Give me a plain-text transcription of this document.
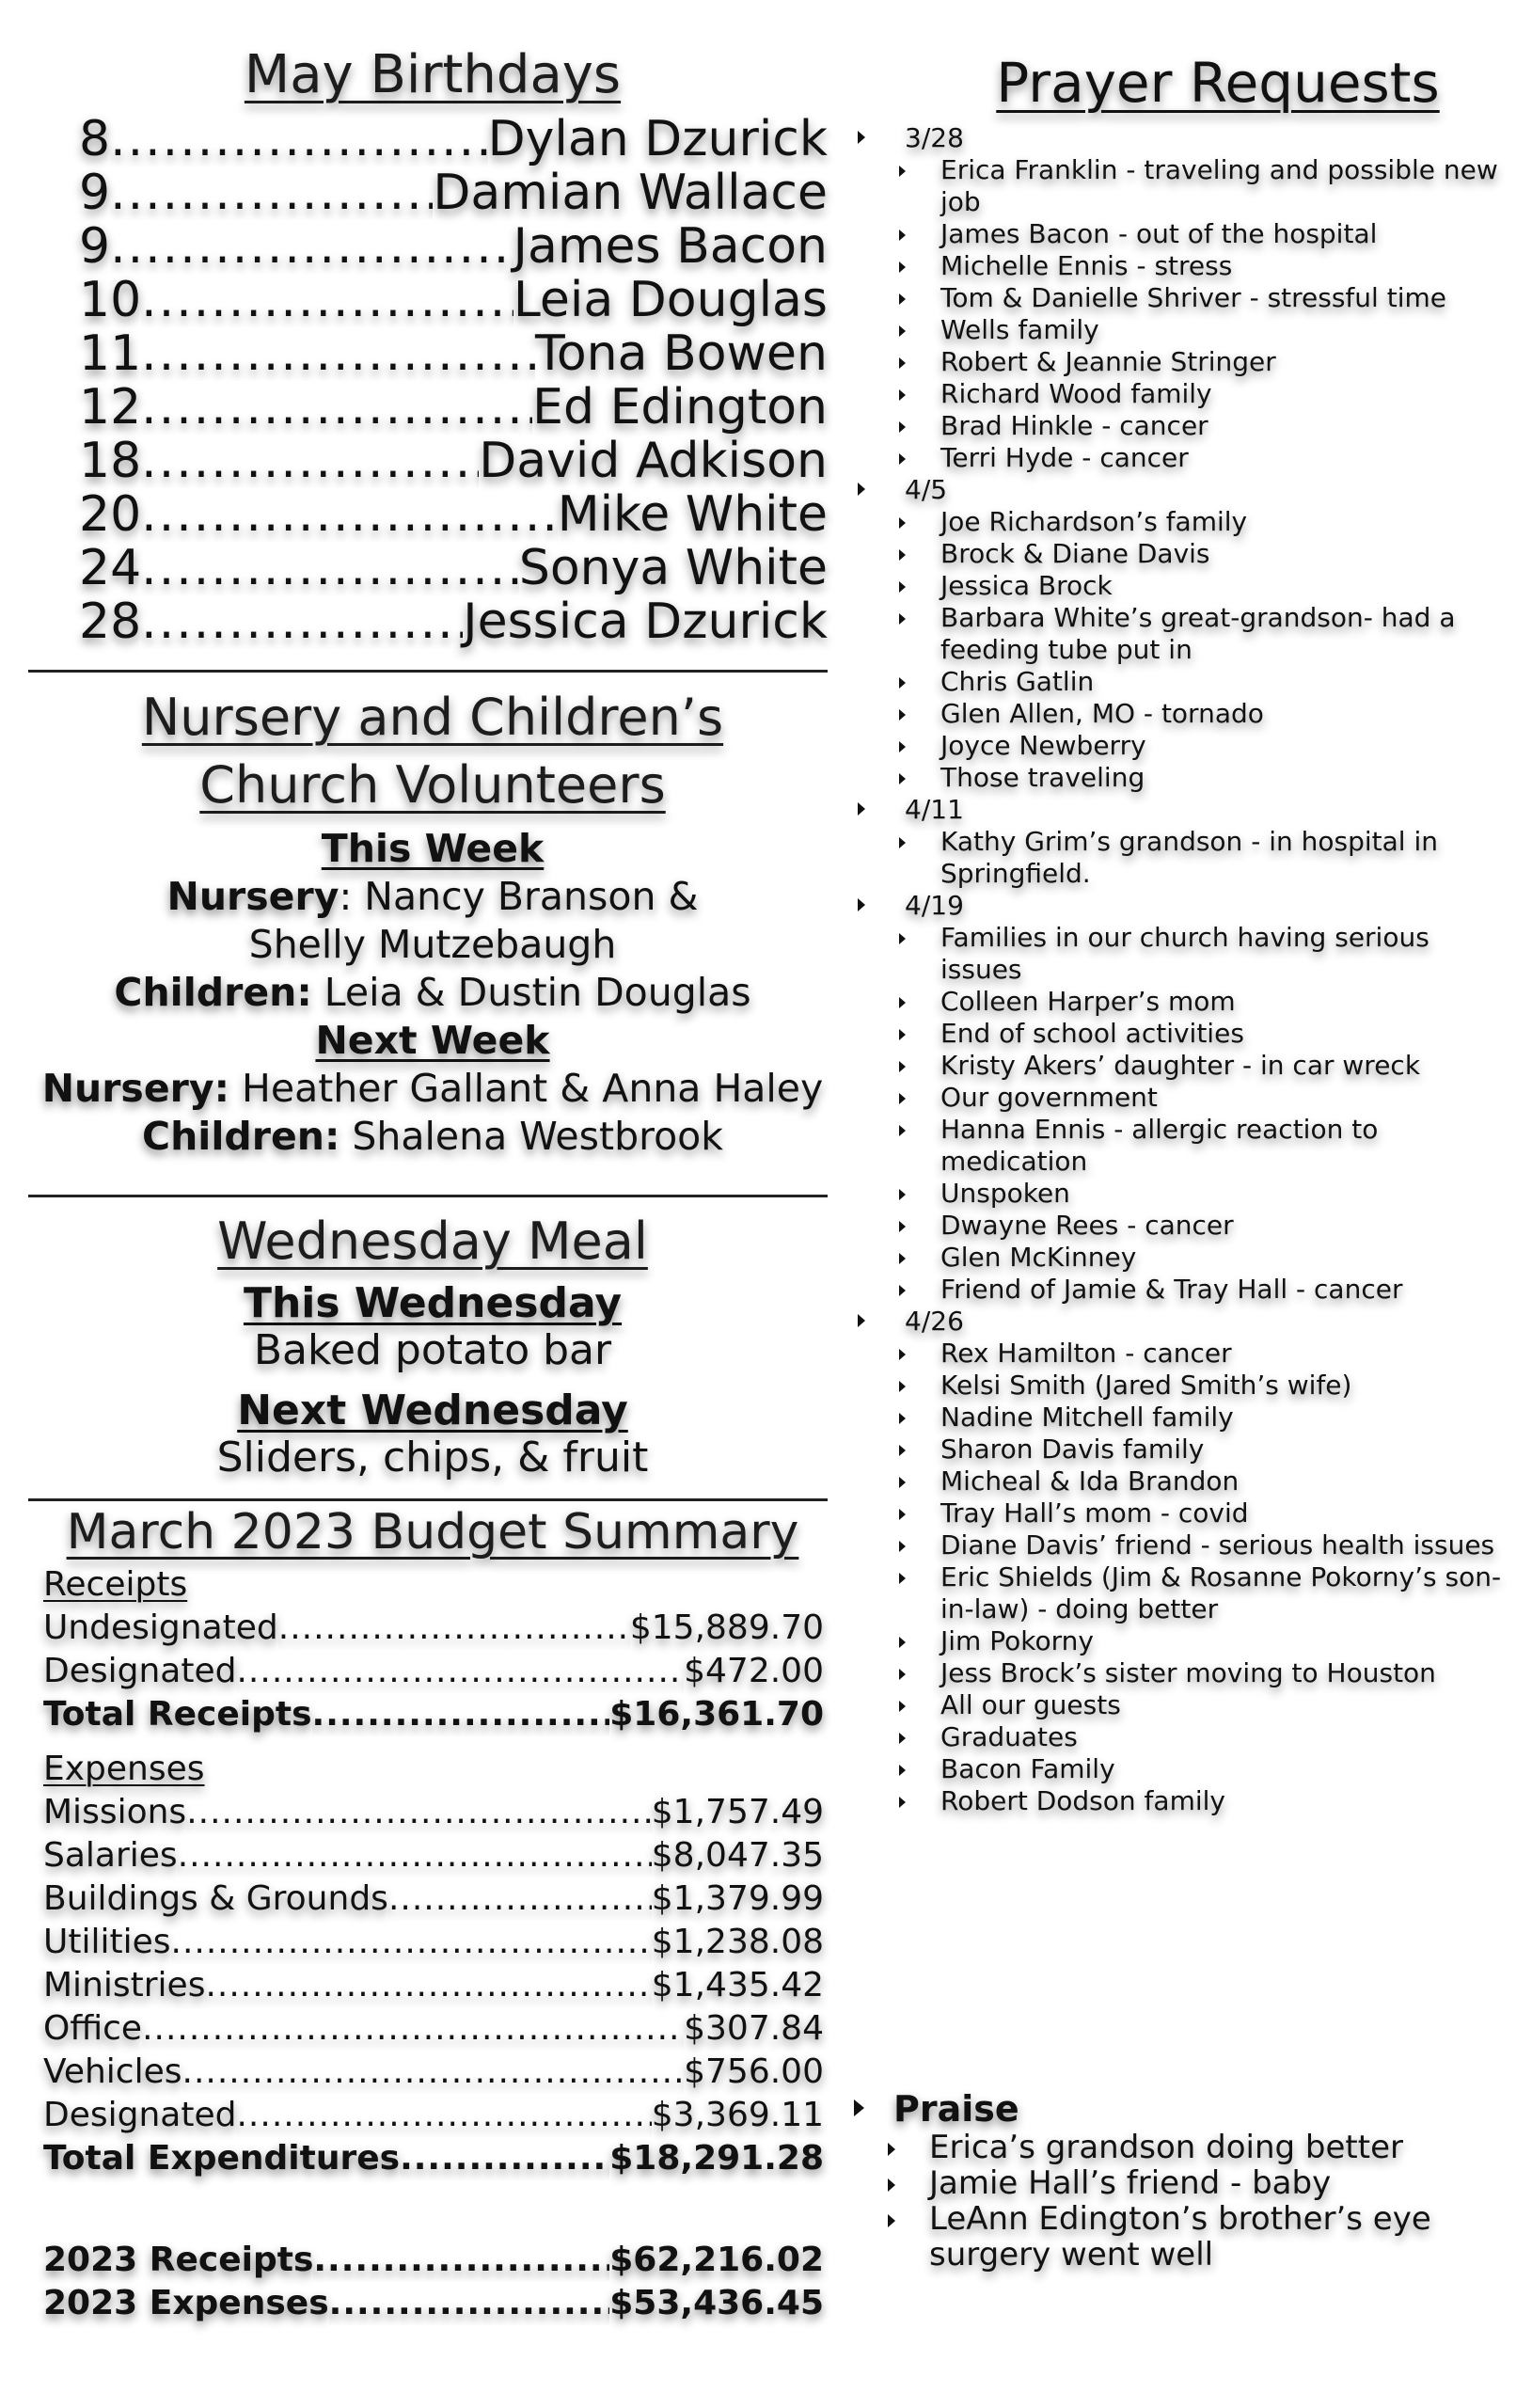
May Birthdays
8 .....	Dylan Dzurick
9 .....	Damian Wallace
9 .....	James Bacon
10 .....	Leia Douglas
11 .....	Tona Bowen
12 .....	Ed Edington
18 .....	David Adkison
20 .....	Mike White
24 .....	Sonya White
28 .....	Jessica Dzurick
Nursery and Children’s
Church Volunteers
This Week
Nursery: Nancy Branson & Shelly Mutzebaugh
Children: Leia & Dustin Douglas
Next Week
Nursery: Heather Gallant & Anna Haley
Children: Shalena Westbrook
Wednesday Meal
This Wednesday
Baked potato bar
Next Wednesday
Sliders, chips, & fruit
March 2023 Budget Summary
Receipts
Undesignated .....	$15,889.70
Designated .....	$472.00
Total Receipts .....	$16,361.70
Expenses
Missions .....	$1,757.49
Salaries .....	$8,047.35
Buildings & Grounds .....	$1,379.99
Utilities .....	$1,238.08
Ministries .....	$1,435.42
Office .....	$307.84
Vehicles .....	$756.00
Designated .....	$3,369.11
Total Expenditures .....	$18,291.28
2023 Receipts .....	$62,216.02
2023 Expenses .....	$53,436.45
Prayer Requests
3/28
Erica Franklin - traveling and possible new job
James Bacon - out of the hospital
Michelle Ennis - stress
Tom & Danielle Shriver - stressful time
Wells family
Robert & Jeannie Stringer
Richard Wood family
Brad Hinkle - cancer
Terri Hyde - cancer
4/5
Joe Richardson’s family
Brock & Diane Davis
Jessica Brock
Barbara White’s great-grandson- had a feeding tube put in
Chris Gatlin
Glen Allen, MO - tornado
Joyce Newberry
Those traveling
4/11
Kathy Grim’s grandson - in hospital in Springfield.
4/19
Families in our church having serious issues
Colleen Harper’s mom
End of school activities
Kristy Akers’ daughter - in car wreck
Our government
Hanna Ennis - allergic reaction to medication
Unspoken
Dwayne Rees - cancer
Glen McKinney
Friend of Jamie & Tray Hall - cancer
4/26
Rex Hamilton - cancer
Kelsi Smith (Jared Smith’s wife)
Nadine Mitchell family
Sharon Davis family
Micheal & Ida Brandon
Tray Hall’s mom - covid
Diane Davis’ friend - serious health issues
Eric Shields (Jim & Rosanne Pokorny’s son-in-law) - doing better
Jim Pokorny
Jess Brock’s sister moving to Houston
All our guests
Graduates
Bacon Family
Robert Dodson family
Praise
Erica’s grandson doing better
Jamie Hall’s friend - baby
LeAnn Edington’s brother’s eye surgery went well
